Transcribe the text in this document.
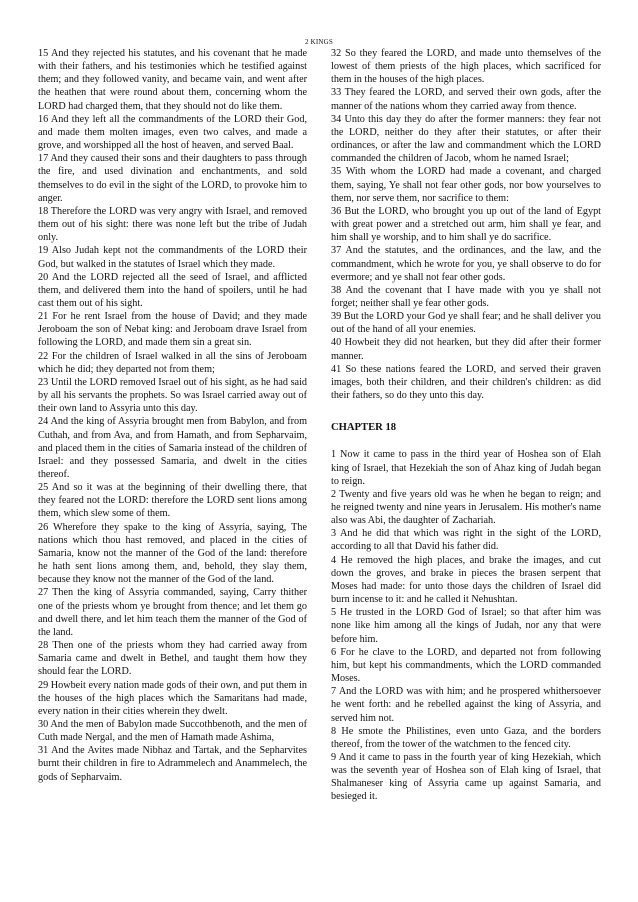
2 KINGS

15 And they rejected his statutes, and his covenant that he made with their fathers, and his testimonies which he testified against them; and they followed vanity, and became vain, and went after the heathen that were round about them, concerning whom the LORD had charged them, that they should not do like them.

16 And they left all the commandments of the LORD their God, and made them molten images, even two calves, and made a grove, and worshipped all the host of heaven, and served Baal.

17 And they caused their sons and their daughters to pass through the fire, and used divination and enchantments, and sold themselves to do evil in the sight of the LORD, to provoke him to anger.

18 Therefore the LORD was very angry with Israel, and removed them out of his sight: there was none left but the tribe of Judah only.

19 Also Judah kept not the commandments of the LORD their God, but walked in the statutes of Israel which they made.

20 And the LORD rejected all the seed of Israel, and afflicted them, and delivered them into the hand of spoilers, until he had cast them out of his sight.

21 For he rent Israel from the house of David; and they made Jeroboam the son of Nebat king: and Jeroboam drave Israel from following the LORD, and made them sin a great sin.

22 For the children of Israel walked in all the sins of Jeroboam which he did; they departed not from them;

23 Until the LORD removed Israel out of his sight, as he had said by all his servants the prophets. So was Israel carried away out of their own land to Assyria unto this day.

24 And the king of Assyria brought men from Babylon, and from Cuthah, and from Ava, and from Hamath, and from Sepharvaim, and placed them in the cities of Samaria instead of the children of Israel: and they possessed Samaria, and dwelt in the cities thereof.

25 And so it was at the beginning of their dwelling there, that they feared not the LORD: therefore the LORD sent lions among them, which slew some of them.

26 Wherefore they spake to the king of Assyria, saying, The nations which thou hast removed, and placed in the cities of Samaria, know not the manner of the God of the land: therefore he hath sent lions among them, and, behold, they slay them, because they know not the manner of the God of the land.

27 Then the king of Assyria commanded, saying, Carry thither one of the priests whom ye brought from thence; and let them go and dwell there, and let him teach them the manner of the God of the land.

28 Then one of the priests whom they had carried away from Samaria came and dwelt in Bethel, and taught them how they should fear the LORD.

29 Howbeit every nation made gods of their own, and put them in the houses of the high places which the Samaritans had made, every nation in their cities wherein they dwelt.

30 And the men of Babylon made Succothbenoth, and the men of Cuth made Nergal, and the men of Hamath made Ashima,

31 And the Avites made Nibhaz and Tartak, and the Sepharvites burnt their children in fire to Adrammelech and Anammelech, the gods of Sepharvaim.

32 So they feared the LORD, and made unto themselves of the lowest of them priests of the high places, which sacrificed for them in the houses of the high places.

33 They feared the LORD, and served their own gods, after the manner of the nations whom they carried away from thence.

34 Unto this day they do after the former manners: they fear not the LORD, neither do they after their statutes, or after their ordinances, or after the law and commandment which the LORD commanded the children of Jacob, whom he named Israel;

35 With whom the LORD had made a covenant, and charged them, saying, Ye shall not fear other gods, nor bow yourselves to them, nor serve them, nor sacrifice to them:

36 But the LORD, who brought you up out of the land of Egypt with great power and a stretched out arm, him shall ye fear, and him shall ye worship, and to him shall ye do sacrifice.

37 And the statutes, and the ordinances, and the law, and the commandment, which he wrote for you, ye shall observe to do for evermore; and ye shall not fear other gods.

38 And the covenant that I have made with you ye shall not forget; neither shall ye fear other gods.

39 But the LORD your God ye shall fear; and he shall deliver you out of the hand of all your enemies.

40 Howbeit they did not hearken, but they did after their former manner.

41 So these nations feared the LORD, and served their graven images, both their children, and their children's children: as did their fathers, so do they unto this day.

CHAPTER 18

1 Now it came to pass in the third year of Hoshea son of Elah king of Israel, that Hezekiah the son of Ahaz king of Judah began to reign.

2 Twenty and five years old was he when he began to reign; and he reigned twenty and nine years in Jerusalem. His mother's name also was Abi, the daughter of Zachariah.

3 And he did that which was right in the sight of the LORD, according to all that David his father did.

4 He removed the high places, and brake the images, and cut down the groves, and brake in pieces the brasen serpent that Moses had made: for unto those days the children of Israel did burn incense to it: and he called it Nehushtan.

5 He trusted in the LORD God of Israel; so that after him was none like him among all the kings of Judah, nor any that were before him.

6 For he clave to the LORD, and departed not from following him, but kept his commandments, which the LORD commanded Moses.

7 And the LORD was with him; and he prospered whithersoever he went forth: and he rebelled against the king of Assyria, and served him not.

8 He smote the Philistines, even unto Gaza, and the borders thereof, from the tower of the watchmen to the fenced city.

9 And it came to pass in the fourth year of king Hezekiah, which was the seventh year of Hoshea son of Elah king of Israel, that Shalmaneser king of Assyria came up against Samaria, and besieged it.
